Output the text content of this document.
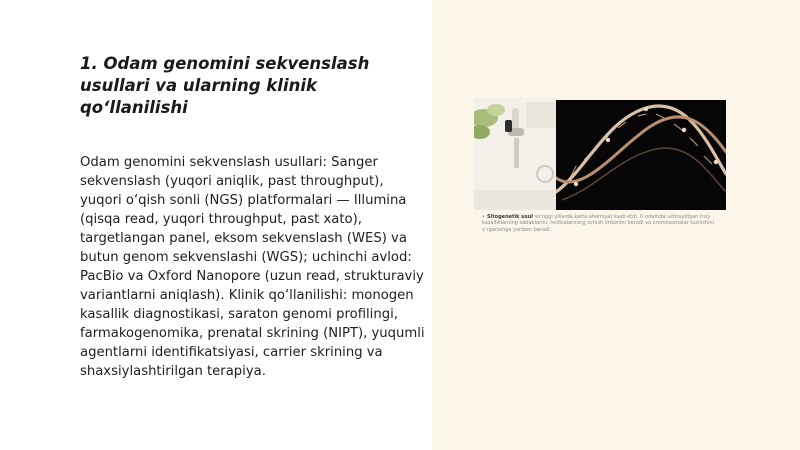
1. Odam genomini sekvenslash usullari va ularning klinik qo‘llanilishi

Odam genomini sekvenslash usullari: Sanger sekvenslash (yuqori aniqlik, past throughput), yuqori o‘qish sonli (NGS) platformalari — Illumina (qisqa read, yuqori throughput, past xato), targetlangan panel, eksom sekvenslash (WES) va butun genom sekvenslashi (WGS); uchinchi avlod: PacBio va Oxford Nanopore (uzun read, strukturaviy variantlarni aniqlash). Klinik qo‘llanilishi: monogen kasallik diagnostikasi, saraton genomi profilingi, farmakogenomika, prenatal skrining (NIPT), yuqumli agentlarni identifikatsiyasi, carrier skrining va shaxsiylashtirilgan terapiya.

• Sitogenetik usul so‘nggi yillarda katta ahamiyat kasb etdi. U odamda uchraydigan irsiy kasalliklarning sabablarini, hodisalarining ochish imkonini beradi va xromosomalar tuzilishini o‘rganishga yordam beradi.
